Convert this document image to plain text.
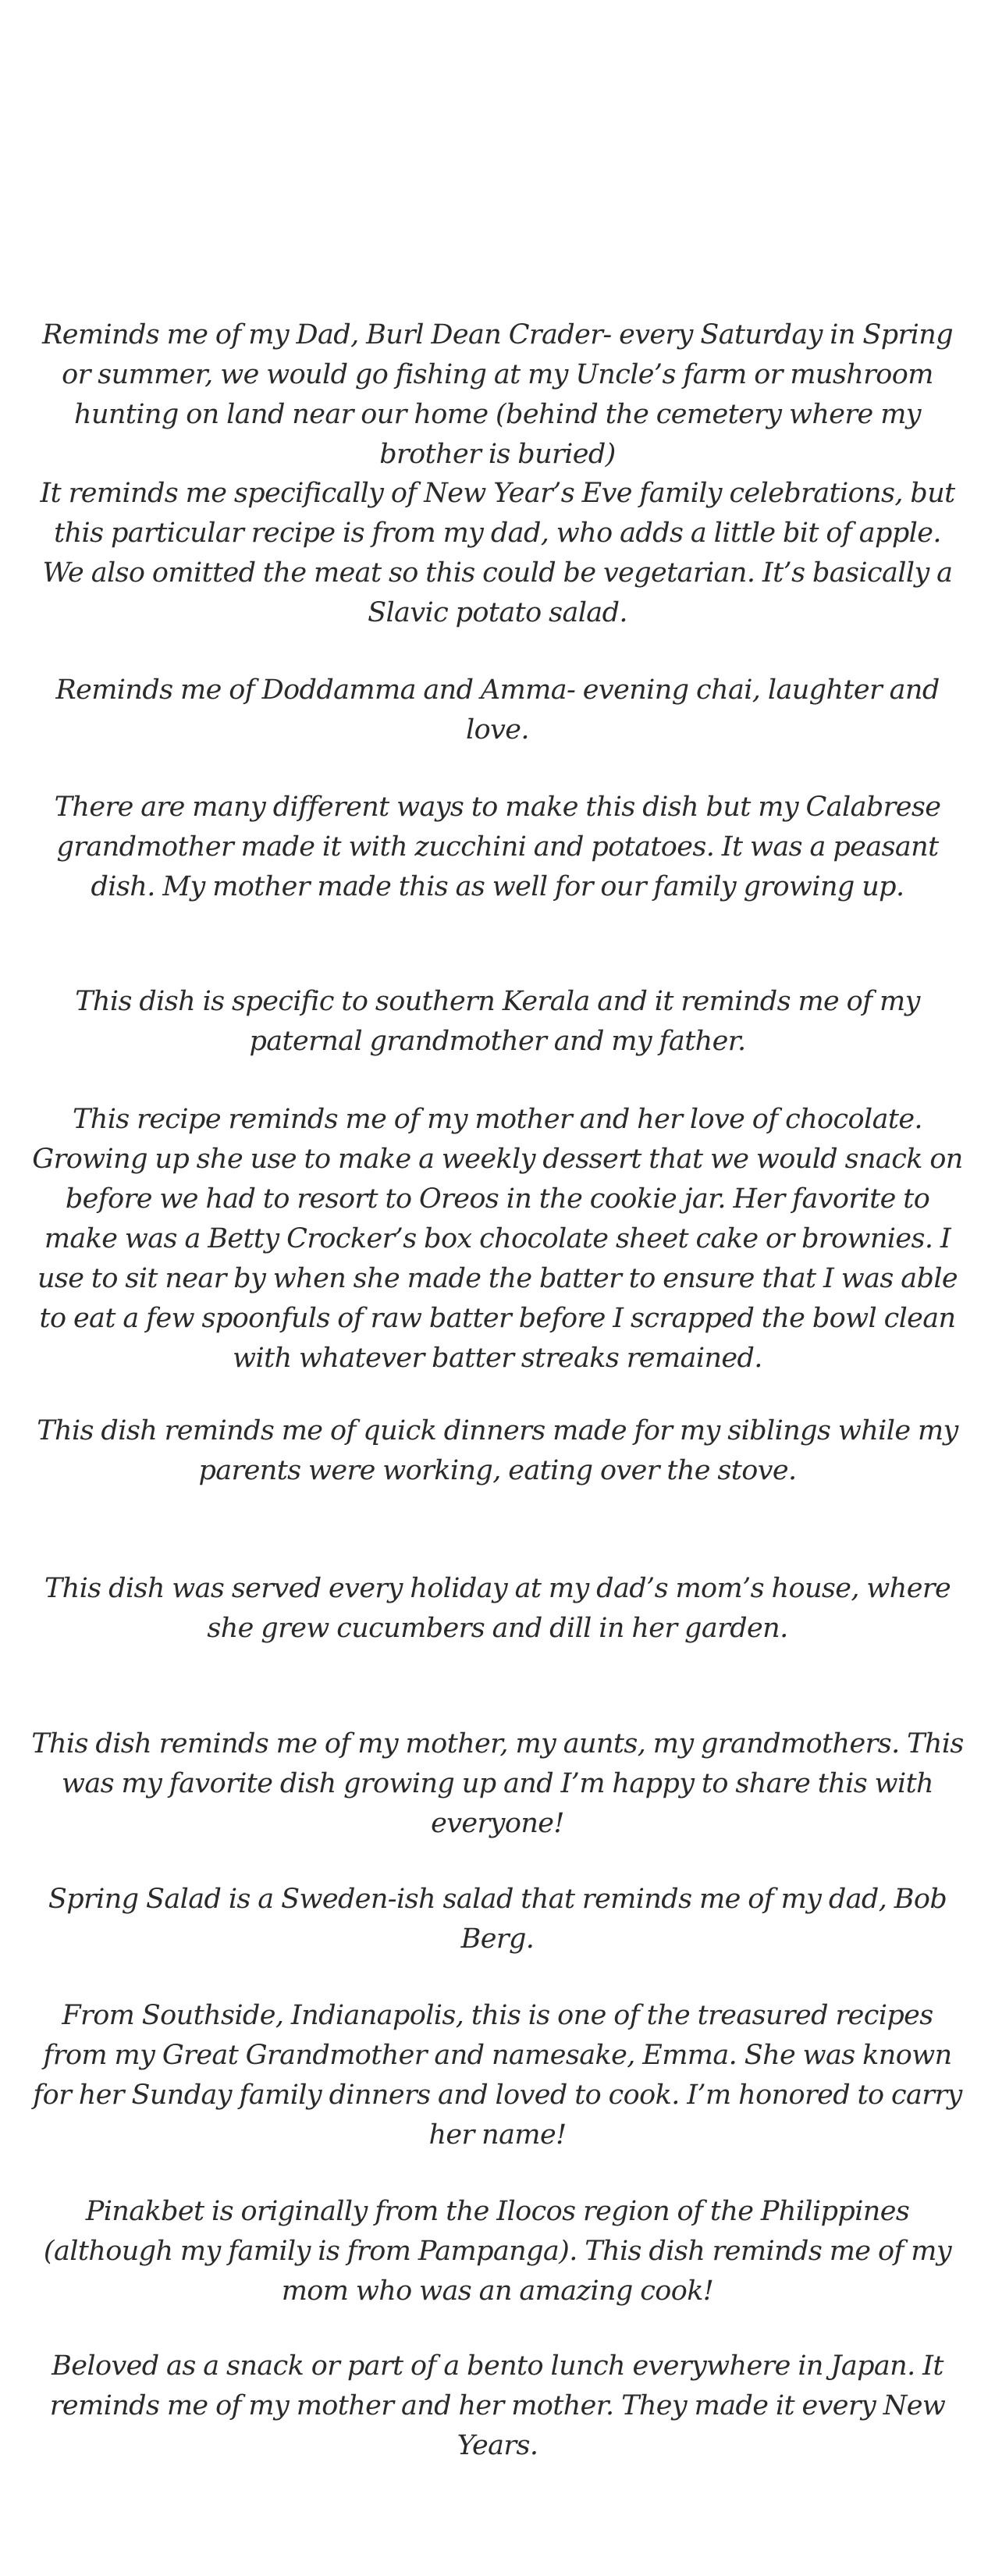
Reminds me of my Dad, Burl Dean Crader- every Saturday in Spring or summer, we would go fishing at my Uncle’s farm or mushroom hunting on land near our home (behind the cemetery where my brother is buried)

It reminds me specifically of New Year’s Eve family celebrations, but this particular recipe is from my dad, who adds a little bit of apple. We also omitted the meat so this could be vegetarian. It’s basically a Slavic potato salad.

Reminds me of Doddamma and Amma- evening chai, laughter and love.

There are many different ways to make this dish but my Calabrese grandmother made it with zucchini and potatoes. It was a peasant dish. My mother made this as well for our family growing up.

This dish is specific to southern Kerala and it reminds me of my paternal grandmother and my father.

This recipe reminds me of my mother and her love of chocolate. Growing up she use to make a weekly dessert that we would snack on before we had to resort to Oreos in the cookie jar. Her favorite to make was a Betty Crocker’s box chocolate sheet cake or brownies. I use to sit near by when she made the batter to ensure that I was able to eat a few spoonfuls of raw batter before I scrapped the bowl clean with whatever batter streaks remained.

This dish reminds me of quick dinners made for my siblings while my parents were working, eating over the stove.

This dish was served every holiday at my dad’s mom’s house, where she grew cucumbers and dill in her garden.

This dish reminds me of my mother, my aunts, my grandmothers. This was my favorite dish growing up and I’m happy to share this with everyone!

Spring Salad is a Sweden-ish salad that reminds me of my dad, Bob Berg.

From Southside, Indianapolis, this is one of the treasured recipes from my Great Grandmother and namesake, Emma. She was known for her Sunday family dinners and loved to cook. I’m honored to carry her name!

Pinakbet is originally from the Ilocos region of the Philippines (although my family is from Pampanga). This dish reminds me of my mom who was an amazing cook!

Beloved as a snack or part of a bento lunch everywhere in Japan. It reminds me of my mother and her mother. They made it every New Years.
